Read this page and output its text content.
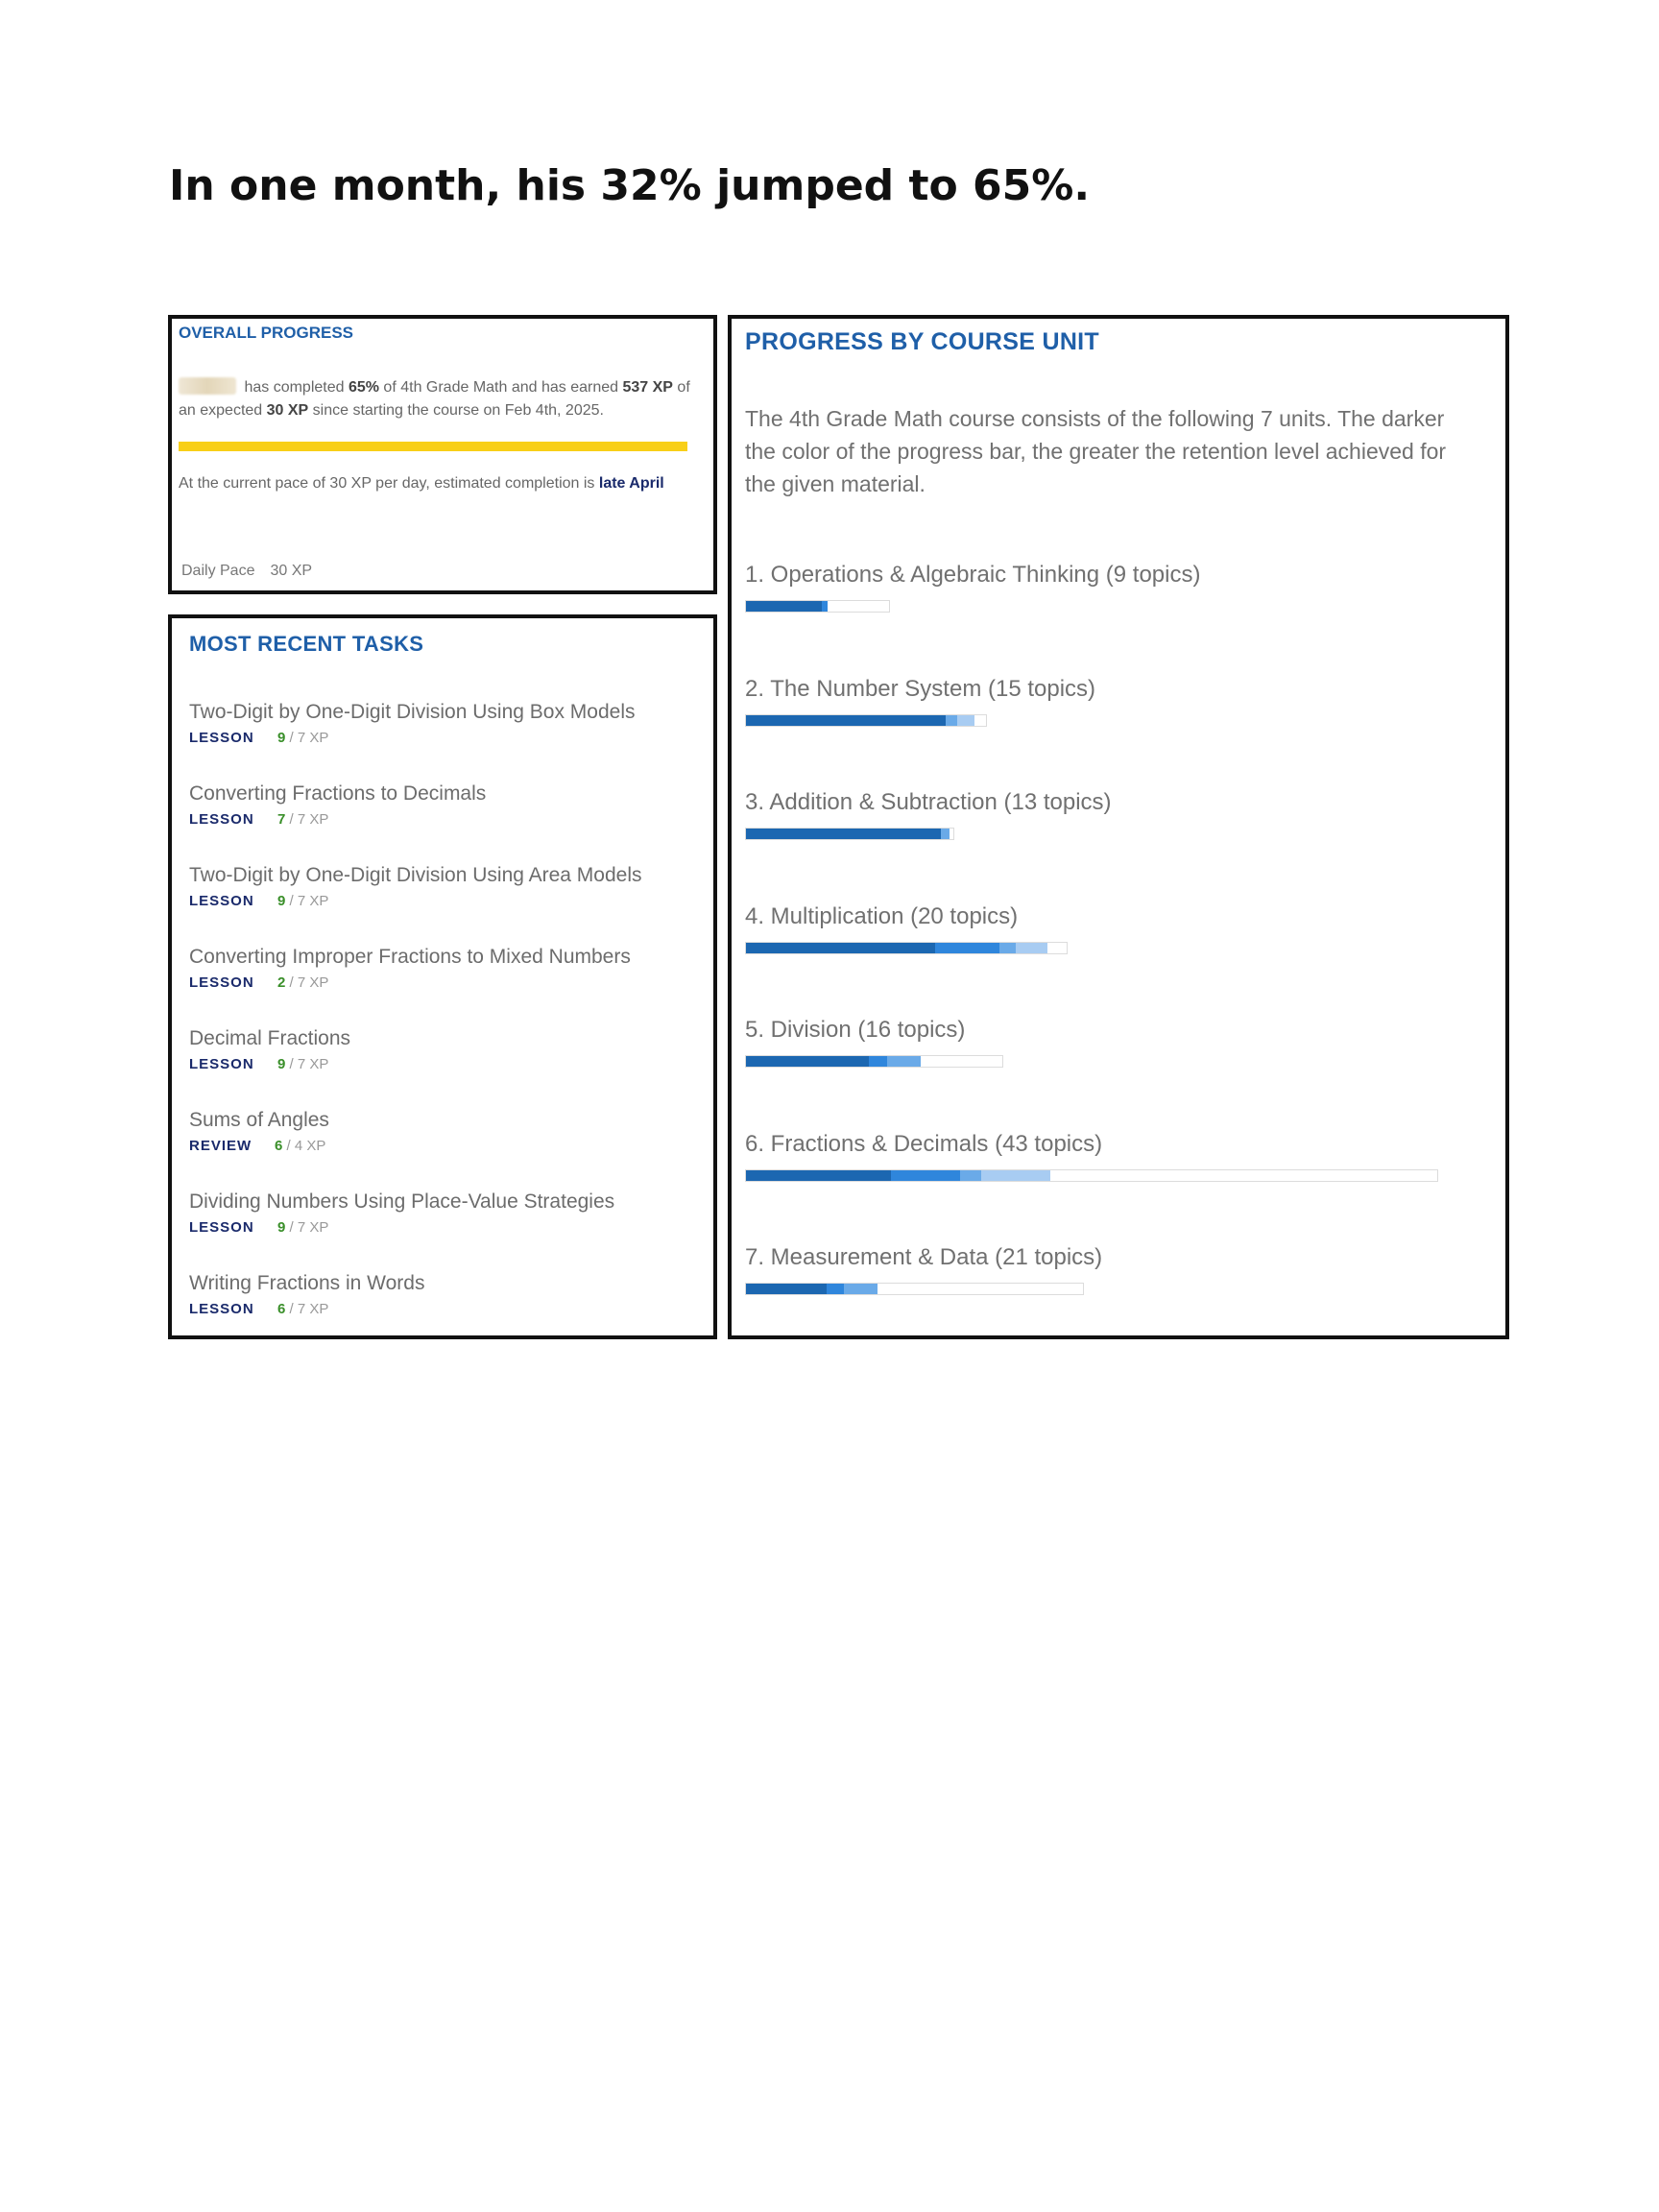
In one month, his 32% jumped to 65%.
OVERALL PROGRESS
has completed 65% of 4th Grade Math and has earned 537 XP of an expected 30 XP since starting the course on Feb 4th, 2025.
At the current pace of 30 XP per day, estimated completion is late April
Daily Pace 30 XP
MOST RECENT TASKS
Two-Digit by One-Digit Division Using Box Models
LESSON 9 / 7 XP
Converting Fractions to Decimals
LESSON 7 / 7 XP
Two-Digit by One-Digit Division Using Area Models
LESSON 9 / 7 XP
Converting Improper Fractions to Mixed Numbers
LESSON 2 / 7 XP
Decimal Fractions
LESSON 9 / 7 XP
Sums of Angles
REVIEW 6 / 4 XP
Dividing Numbers Using Place-Value Strategies
LESSON 9 / 7 XP
Writing Fractions in Words
LESSON 6 / 7 XP
PROGRESS BY COURSE UNIT
The 4th Grade Math course consists of the following 7 units. The darker the color of the progress bar, the greater the retention level achieved for the given material.
1. Operations & Algebraic Thinking (9 topics)
2. The Number System (15 topics)
3. Addition & Subtraction (13 topics)
4. Multiplication (20 topics)
5. Division (16 topics)
6. Fractions & Decimals (43 topics)
7. Measurement & Data (21 topics)
